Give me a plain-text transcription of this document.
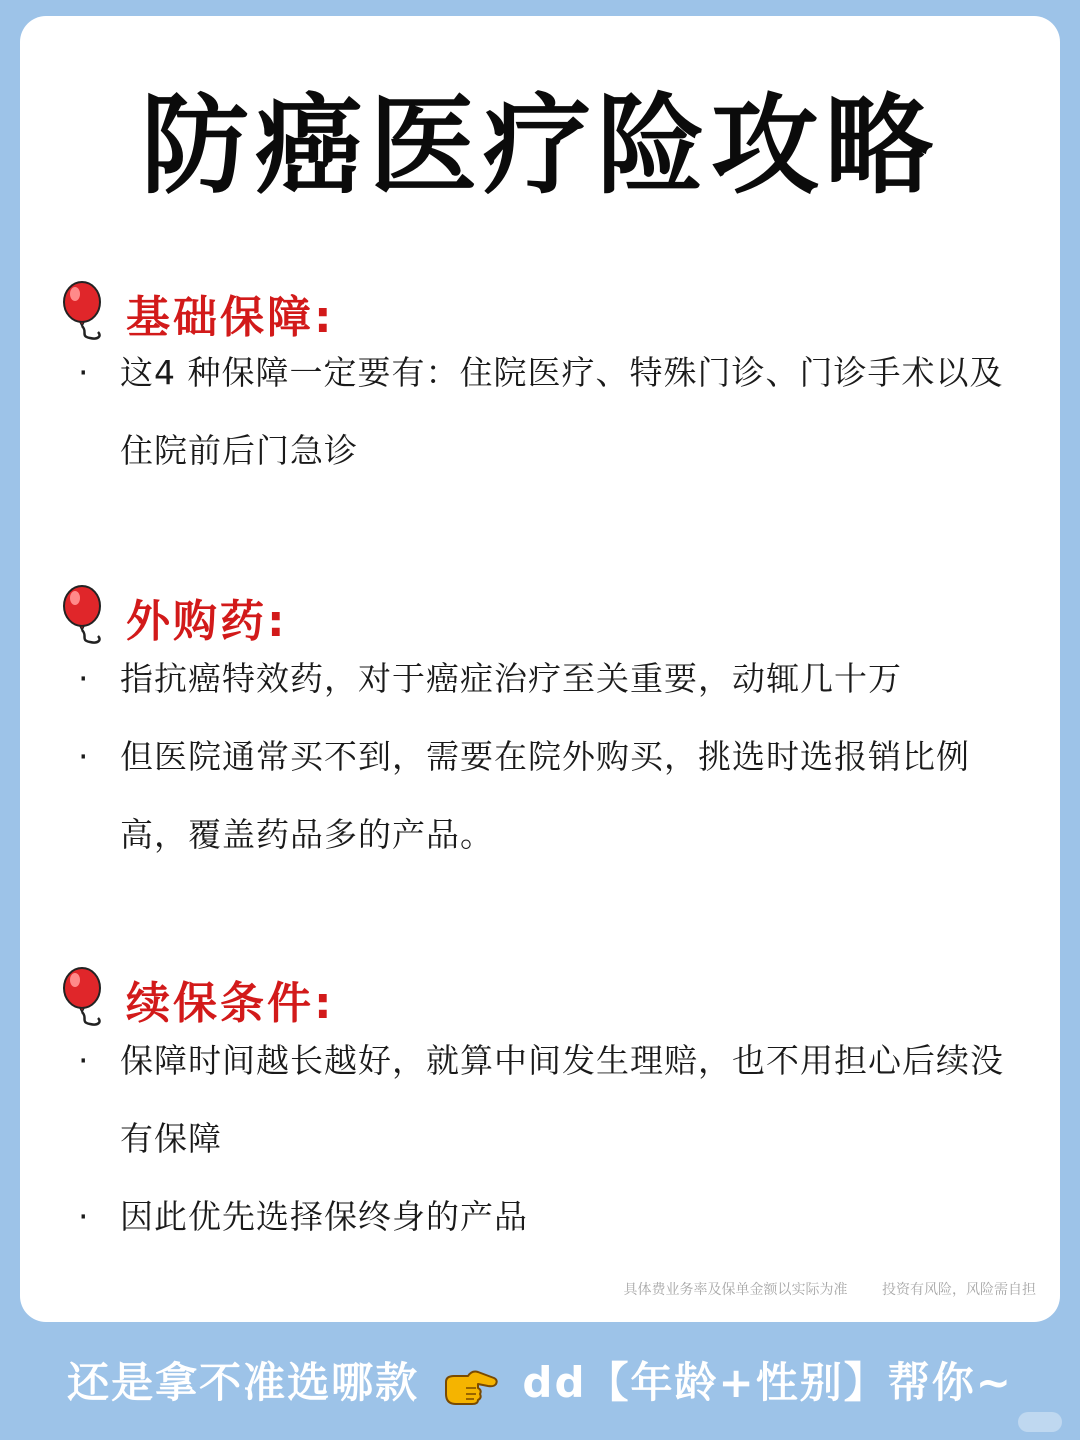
防癌医疗险攻略
基础保障:
· 这4 种保障一定要有：住院医疗、特殊门诊、门诊手术以及住院前后门急诊
外购药:
· 指抗癌特效药，对于癌症治疗至关重要，动辄几十万
· 但医院通常买不到，需要在院外购买，挑选时选报销比例高，覆盖药品多的产品。
续保条件:
· 保障时间越长越好，就算中间发生理赔，也不用担心后续没有保障
· 因此优先选择保终身的产品
具体费业务率及保单金额以实际为准 投资有风险，风险需自担
还是拿不准选哪款 dd【年龄+性别】帮你~
